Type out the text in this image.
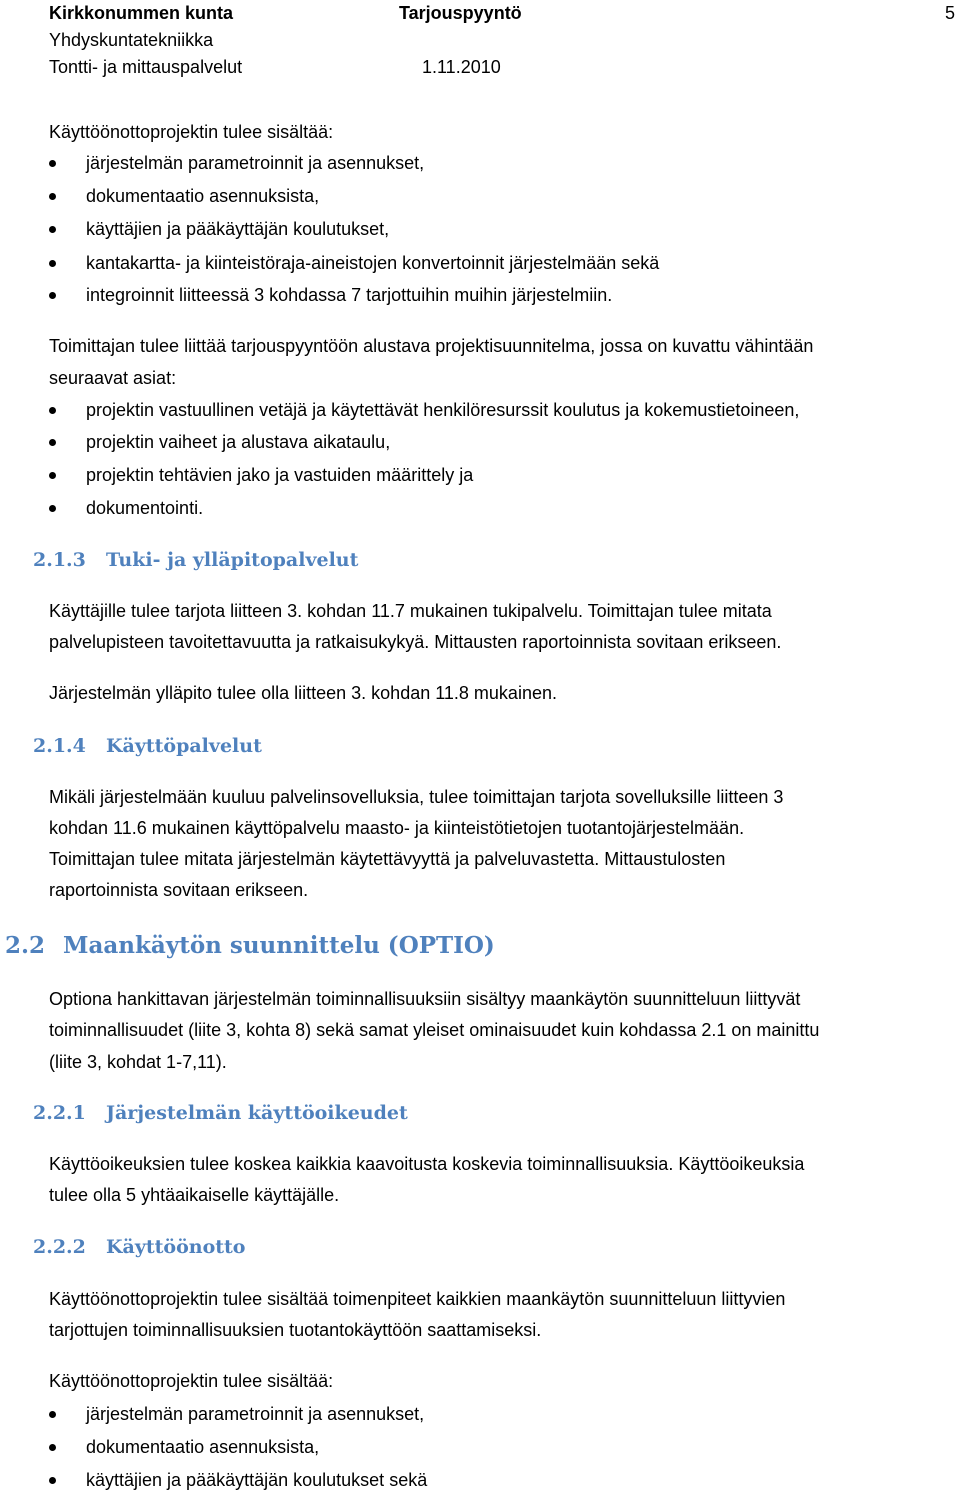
Kirkkonummen kunta	Tarjouspyyntö	5
Yhdyskuntatekniikka
Tontti- ja mittauspalvelut	1.11.2010
Käyttöönottoprojektin tulee sisältää:
järjestelmän parametroinnit ja asennukset,
dokumentaatio asennuksista,
käyttäjien ja pääkäyttäjän koulutukset,
kantakartta- ja kiinteistöraja-aineistojen konvertoinnit järjestelmään sekä
integroinnit liitteessä 3 kohdassa 7 tarjottuihin muihin järjestelmiin.
Toimittajan tulee liittää tarjouspyyntöön alustava projektisuunnitelma, jossa on kuvattu vähintään
seuraavat asiat:
projektin vastuullinen vetäjä ja käytettävät henkilöresurssit koulutus ja kokemustietoineen,
projektin vaiheet ja alustava aikataulu,
projektin tehtävien jako ja vastuiden määrittely ja
dokumentointi.
2.1.3 Tuki- ja ylläpitopalvelut
Käyttäjille tulee tarjota liitteen 3. kohdan 11.7 mukainen tukipalvelu. Toimittajan tulee mitata
palvelupisteen tavoitettavuutta ja ratkaisukykyä. Mittausten raportoinnista sovitaan erikseen.
Järjestelmän ylläpito tulee olla liitteen 3. kohdan 11.8 mukainen.
2.1.4 Käyttöpalvelut
Mikäli järjestelmään kuuluu palvelinsovelluksia, tulee toimittajan tarjota sovelluksille liitteen 3
kohdan 11.6 mukainen käyttöpalvelu maasto- ja kiinteistötietojen tuotantojärjestelmään.
Toimittajan tulee mitata järjestelmän käytettävyyttä ja palveluvastetta. Mittaustulosten
raportoinnista sovitaan erikseen.
2.2 Maankäytön suunnittelu (OPTIO)
Optiona hankittavan järjestelmän toiminnallisuuksiin sisältyy maankäytön suunnitteluun liittyvät
toiminnallisuudet (liite 3, kohta 8) sekä samat yleiset ominaisuudet kuin kohdassa 2.1 on mainittu
(liite 3, kohdat 1-7,11).
2.2.1 Järjestelmän käyttöoikeudet
Käyttöoikeuksien tulee koskea kaikkia kaavoitusta koskevia toiminnallisuuksia. Käyttöoikeuksia
tulee olla 5 yhtäaikaiselle käyttäjälle.
2.2.2 Käyttöönotto
Käyttöönottoprojektin tulee sisältää toimenpiteet kaikkien maankäytön suunnitteluun liittyvien
tarjottujen toiminnallisuuksien tuotantokäyttöön saattamiseksi.
Käyttöönottoprojektin tulee sisältää:
järjestelmän parametroinnit ja asennukset,
dokumentaatio asennuksista,
käyttäjien ja pääkäyttäjän koulutukset sekä
